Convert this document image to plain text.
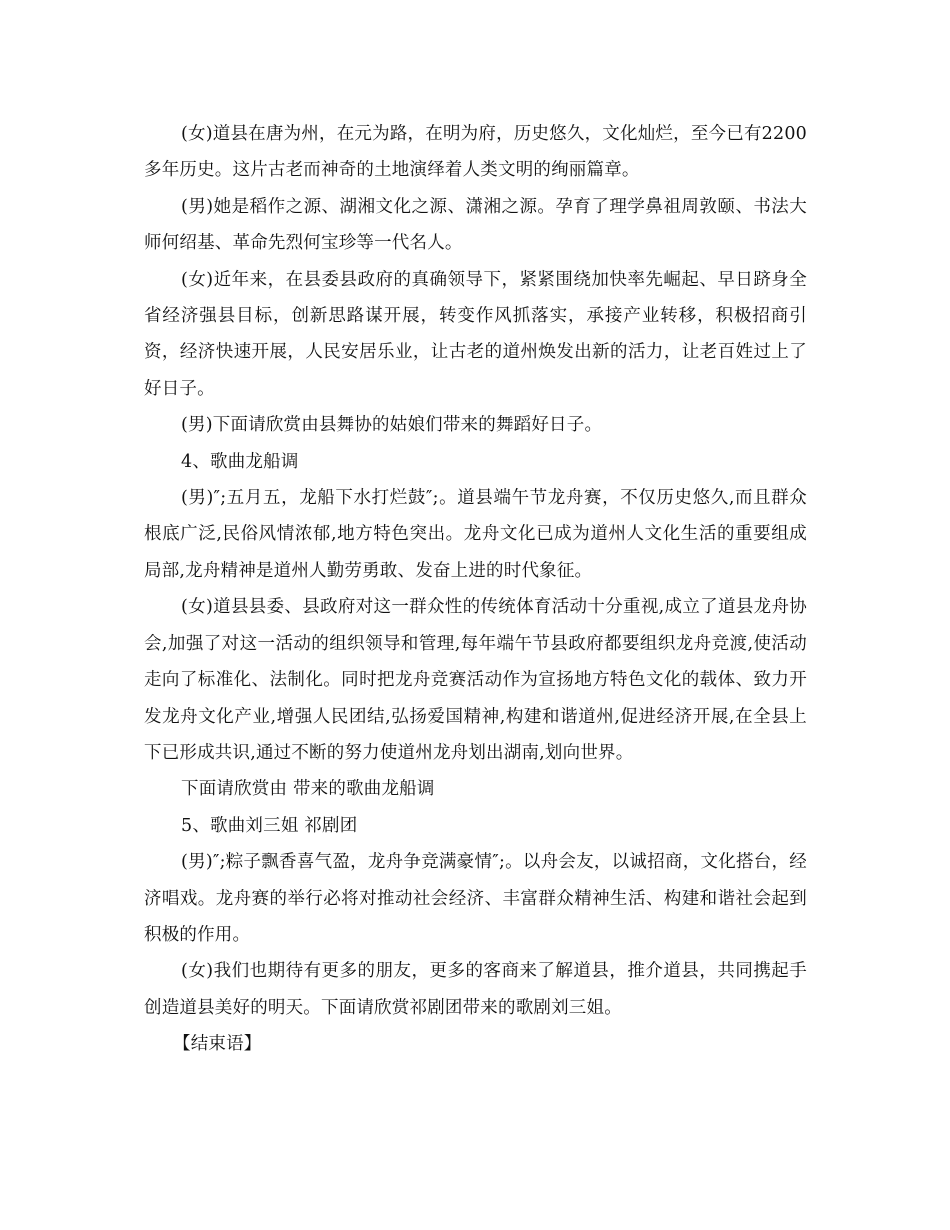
(女)道县在唐为州，在元为路，在明为府，历史悠久，文化灿烂，至今已有2200多年历史。这片古老而神奇的土地演绎着人类文明的绚丽篇章。

(男)她是稻作之源、湖湘文化之源、潇湘之源。孕育了理学鼻祖周敦颐、书法大师何绍基、革命先烈何宝珍等一代名人。

(女)近年来，在县委县政府的真确领导下，紧紧围绕加快率先崛起、早日跻身全省经济强县目标，创新思路谋开展，转变作风抓落实，承接产业转移，积极招商引资，经济快速开展，人民安居乐业，让古老的道州焕发出新的活力，让老百姓过上了好日子。

(男)下面请欣赏由县舞协的姑娘们带来的舞蹈好日子。

4、歌曲龙船调

(男)″;五月五，龙船下水打烂鼓″;。道县端午节龙舟赛，不仅历史悠久,而且群众根底广泛,民俗风情浓郁,地方特色突出。龙舟文化已成为道州人文化生活的重要组成局部,龙舟精神是道州人勤劳勇敢、发奋上进的时代象征。

(女)道县县委、县政府对这一群众性的传统体育活动十分重视,成立了道县龙舟协会,加强了对这一活动的组织领导和管理,每年端午节县政府都要组织龙舟竞渡,使活动走向了标准化、法制化。同时把龙舟竞赛活动作为宣扬地方特色文化的载体、致力开发龙舟文化产业,增强人民团结,弘扬爱国精神,构建和谐道州,促进经济开展,在全县上下已形成共识,通过不断的努力使道州龙舟划出湖南,划向世界。

下面请欣赏由 带来的歌曲龙船调

5、歌曲刘三姐 祁剧团

(男)″;粽子飘香喜气盈，龙舟争竞满豪情″;。以舟会友，以诚招商，文化搭台，经济唱戏。龙舟赛的举行必将对推动社会经济、丰富群众精神生活、构建和谐社会起到积极的作用。

(女)我们也期待有更多的朋友，更多的客商来了解道县，推介道县，共同携起手创造道县美好的明天。下面请欣赏祁剧团带来的歌剧刘三姐。

【结束语】
